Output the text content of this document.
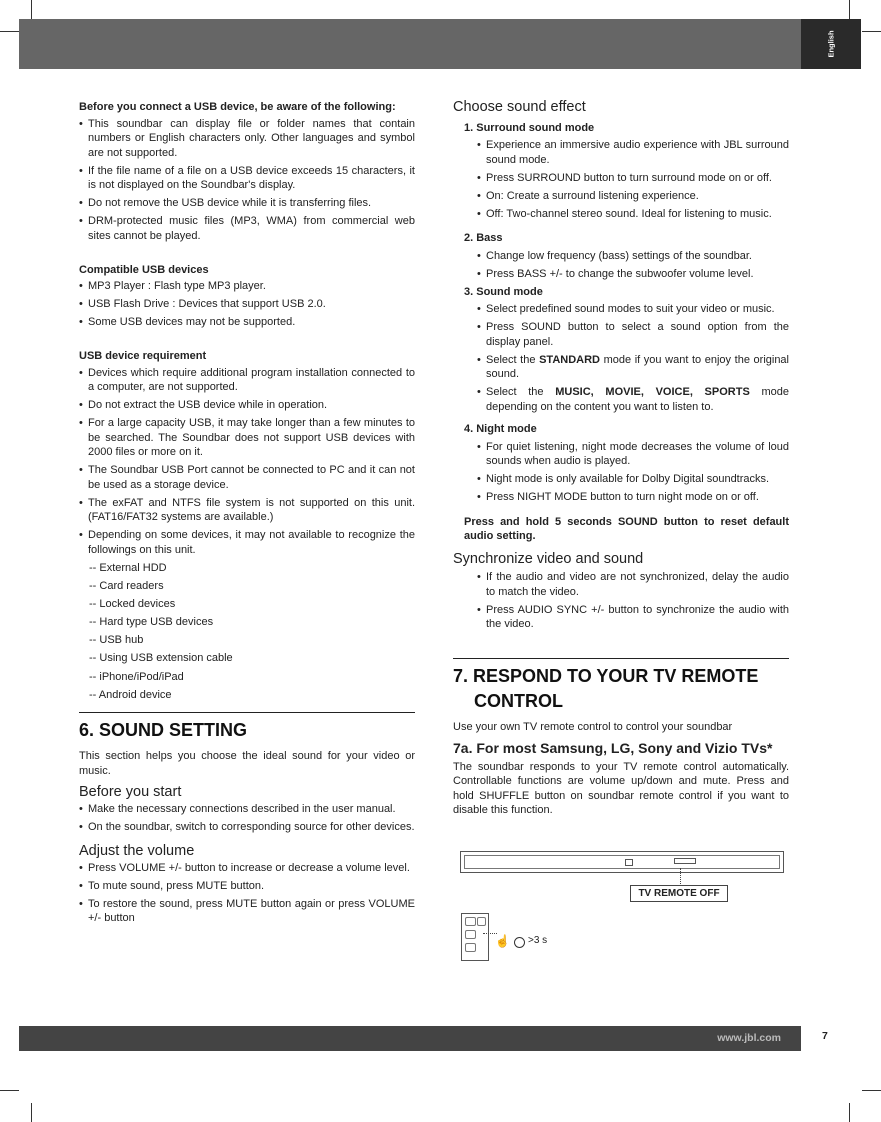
English
Before you connect a USB device, be aware of the following:
• This soundbar can display file or folder names that contain numbers or English characters only. Other languages and symbol are not supported.
• If the file name of a file on a USB device exceeds 15 characters, it is not displayed on the Soundbar's display.
• Do not remove the USB device while it is transferring files.
• DRM-protected music files (MP3, WMA) from commercial web sites cannot be played.
Compatible USB devices
• MP3 Player : Flash type MP3 player.
• USB Flash Drive : Devices that support USB 2.0.
• Some USB devices may not be supported.
USB device requirement
• Devices which require additional program installation connected to a computer, are not supported.
• Do not extract the USB device while in operation.
• For a large capacity USB, it may take longer than a few minutes to be searched. The Soundbar does not support USB devices with 2000 files or more on it.
• The Soundbar USB Port cannot be connected to PC and it can not be used as a storage device.
• The exFAT and NTFS file system is not supported on this unit. (FAT16/FAT32 systems are available.)
• Depending on some devices, it may not available to recognize the followings on this unit.
-- External HDD
-- Card readers
-- Locked devices
-- Hard type USB devices
-- USB hub
-- Using USB extension cable
-- iPhone/iPod/iPad
-- Android device
6. SOUND SETTING

This section helps you choose the ideal sound for your video or music.

Before you start
• Make the necessary connections described in the user manual.
• On the soundbar, switch to corresponding source for other devices.
Adjust the volume
• Press VOLUME +/- button to increase or decrease a volume level.
• To mute sound, press MUTE button.
• To restore the sound, press MUTE button again or press VOLUME +/- button
Choose sound effect
1. Surround sound mode
• Experience an immersive audio experience with JBL surround sound mode.
• Press SURROUND button to turn surround mode on or off.
• On: Create a surround listening experience.
• Off: Two-channel stereo sound. Ideal for listening to music.
2. Bass
• Change low frequency (bass) settings of the soundbar.
• Press BASS +/- to change the subwoofer volume level.
3. Sound mode
• Select predefined sound modes to suit your video or music.
• Press SOUND button to select a sound option from the display panel.
• Select the STANDARD mode if you want to enjoy the original sound.
• Select the MUSIC, MOVIE, VOICE, SPORTS mode depending on the content you want to listen to.
4. Night mode
• For quiet listening, night mode decreases the volume of loud sounds when audio is played.
• Night mode is only available for Dolby Digital soundtracks.
• Press NIGHT MODE button to turn night mode on or off.

Press and hold 5 seconds SOUND button to reset default audio setting.

Synchronize video and sound
• If the audio and video are not synchronized, delay the audio to match the video.
• Press AUDIO SYNC +/- button to synchronize the audio with the video.
7. RESPOND TO YOUR TV REMOTE
CONTROL

Use your own TV remote control to control your soundbar

7a. For most Samsung, LG, Sony and Vizio TVs*

The soundbar responds to your TV remote control automatically. Controllable functions are volume up/down and mute. Press and hold SHUFFLE button on soundbar remote control if you want to disable this function.

TV REMOTE OFF
☝ >3 s
www.jbl.com	7
